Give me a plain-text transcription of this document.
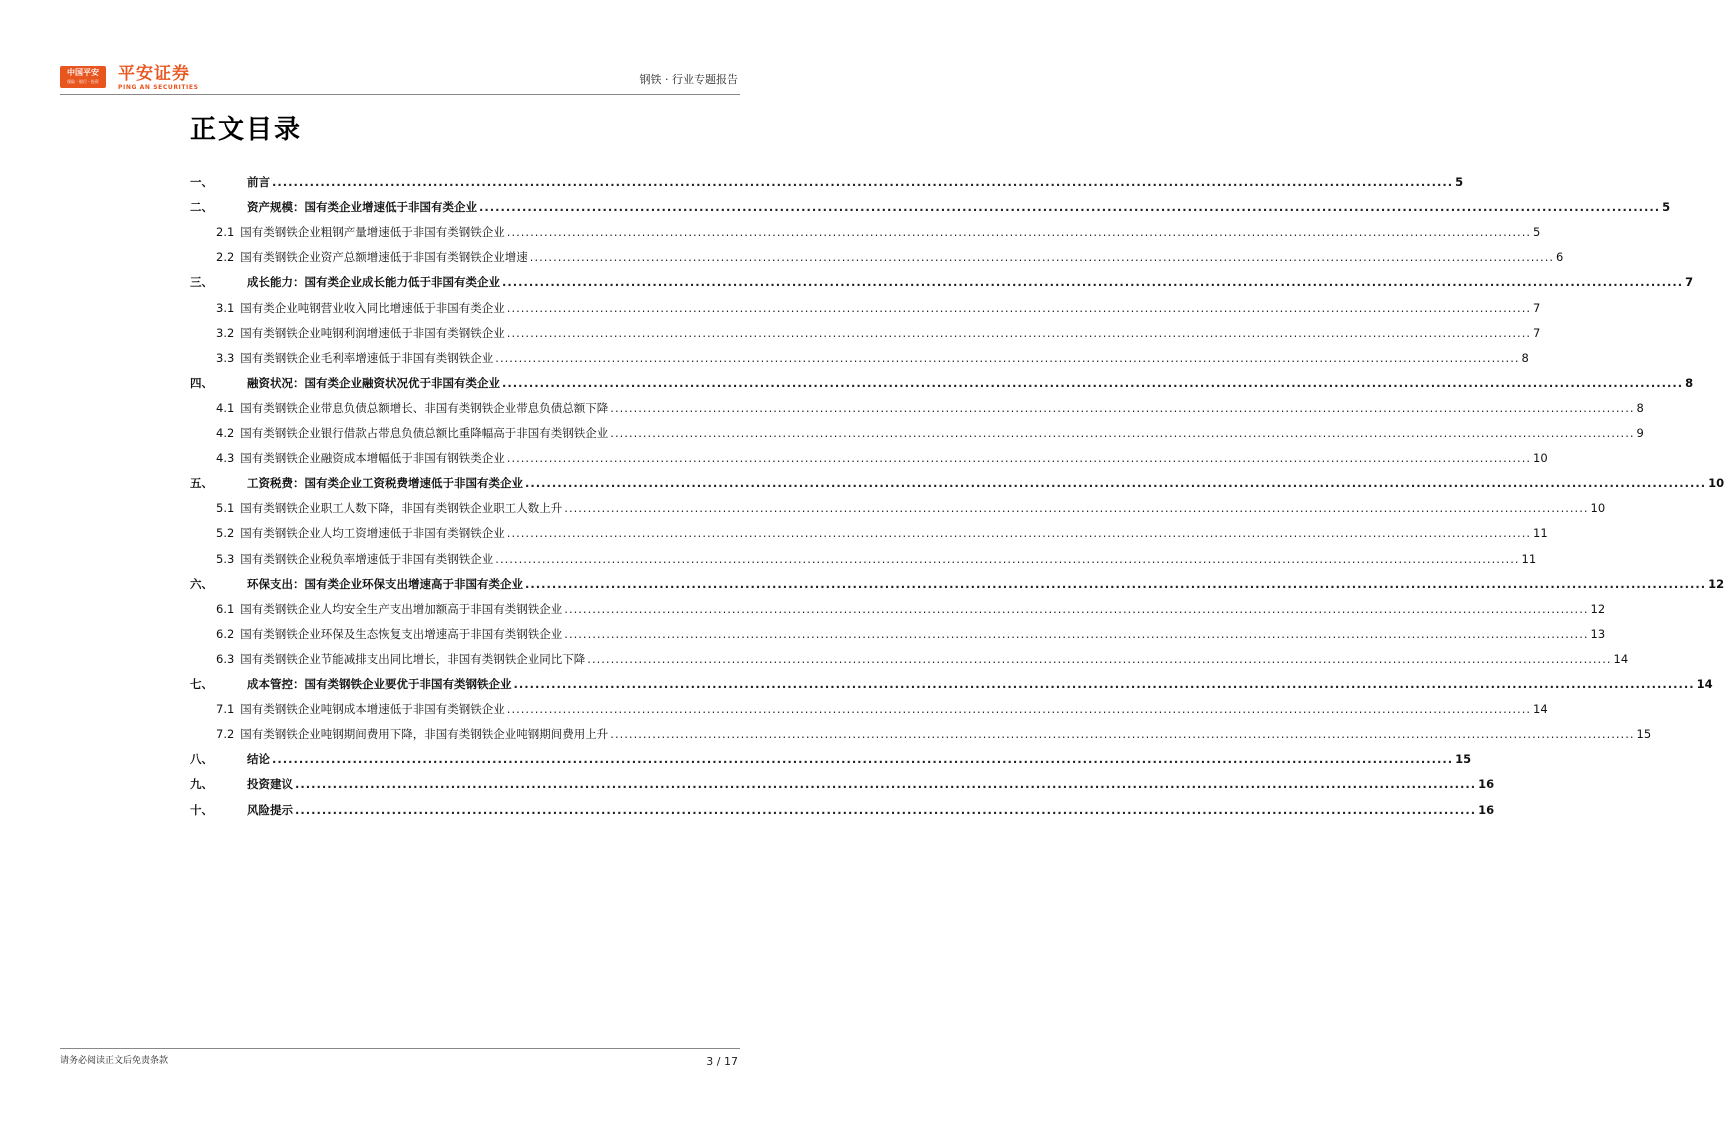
中国平安
保险 · 银行 · 投资	平安证券
PING AN SECURITIES
钢铁 · 行业专题报告
正文目录
一、	前言 ............................................................................................................................................................................................................................ 5
二、	资产规模：国有类企业增速低于非国有类企业 ............................................................................................................................................................................................................................ 5
2.1 国有类钢铁企业粗钢产量增速低于非国有类钢铁企业 ............................................................................................................................................................................................................................ 5
2.2 国有类钢铁企业资产总额增速低于非国有类钢铁企业增速 ............................................................................................................................................................................................................................ 6
三、	成长能力：国有类企业成长能力低于非国有类企业 ............................................................................................................................................................................................................................ 7
3.1 国有类企业吨钢营业收入同比增速低于非国有类企业 ............................................................................................................................................................................................................................ 7
3.2 国有类钢铁企业吨钢利润增速低于非国有类钢铁企业 ............................................................................................................................................................................................................................ 7
3.3 国有类钢铁企业毛利率增速低于非国有类钢铁企业 ............................................................................................................................................................................................................................ 8
四、	融资状况：国有类企业融资状况优于非国有类企业 ............................................................................................................................................................................................................................ 8
4.1 国有类钢铁企业带息负债总额增长、非国有类钢铁企业带息负债总额下降 ............................................................................................................................................................................................................................ 8
4.2 国有类钢铁企业银行借款占带息负债总额比重降幅高于非国有类钢铁企业 ............................................................................................................................................................................................................................ 9
4.3 国有类钢铁企业融资成本增幅低于非国有钢铁类企业 ............................................................................................................................................................................................................................ 10
五、	工资税费：国有类企业工资税费增速低于非国有类企业 ............................................................................................................................................................................................................................ 10
5.1 国有类钢铁企业职工人数下降，非国有类钢铁企业职工人数上升 ............................................................................................................................................................................................................................ 10
5.2 国有类钢铁企业人均工资增速低于非国有类钢铁企业 ............................................................................................................................................................................................................................ 11
5.3 国有类钢铁企业税负率增速低于非国有类钢铁企业 ............................................................................................................................................................................................................................ 11
六、	环保支出：国有类企业环保支出增速高于非国有类企业 ............................................................................................................................................................................................................................ 12
6.1 国有类钢铁企业人均安全生产支出增加额高于非国有类钢铁企业 ............................................................................................................................................................................................................................ 12
6.2 国有类钢铁企业环保及生态恢复支出增速高于非国有类钢铁企业 ............................................................................................................................................................................................................................ 13
6.3 国有类钢铁企业节能减排支出同比增长，非国有类钢铁企业同比下降 ............................................................................................................................................................................................................................ 14
七、	成本管控：国有类钢铁企业要优于非国有类钢铁企业 ............................................................................................................................................................................................................................ 14
7.1 国有类钢铁企业吨钢成本增速低于非国有类钢铁企业 ............................................................................................................................................................................................................................ 14
7.2 国有类钢铁企业吨钢期间费用下降，非国有类钢铁企业吨钢期间费用上升 ............................................................................................................................................................................................................................ 15
八、	结论 ............................................................................................................................................................................................................................ 15
九、	投资建议 ............................................................................................................................................................................................................................ 16
十、	风险提示 ............................................................................................................................................................................................................................ 16
请务必阅读正文后免责条款	3 / 17
